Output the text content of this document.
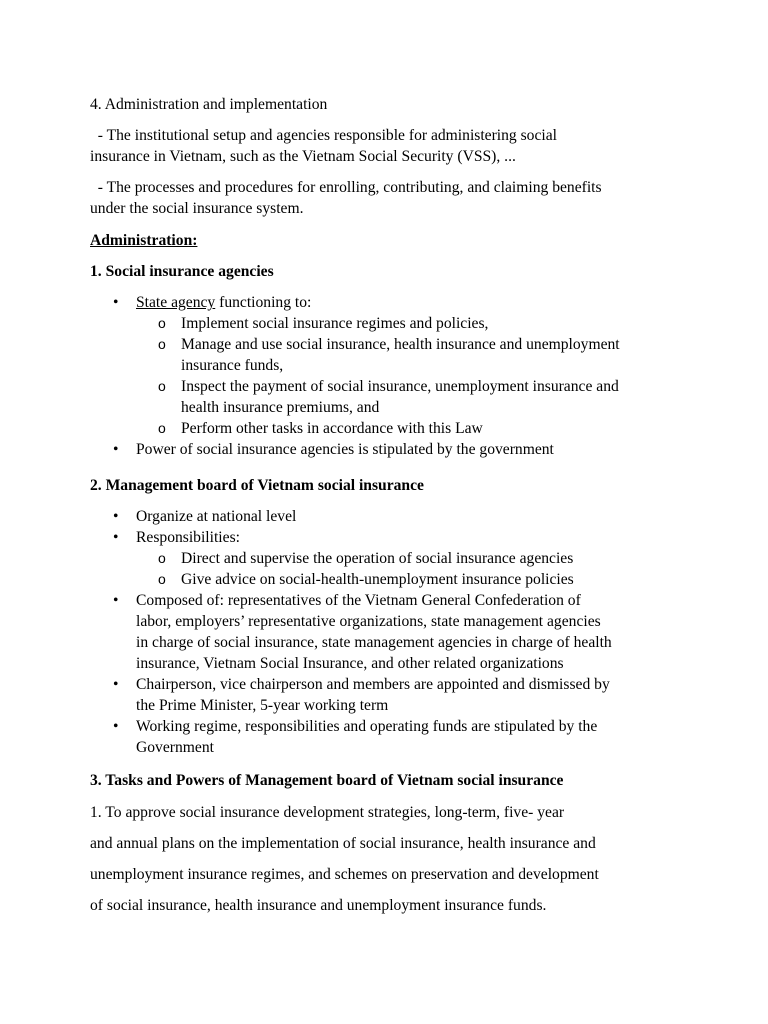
4. Administration and implementation

- The institutional setup and agencies responsible for administering social
insurance in Vietnam, such as the Vietnam Social Security (VSS), ...

- The processes and procedures for enrolling, contributing, and claiming benefits
under the social insurance system.

Administration:

1. Social insurance agencies

• State agency functioning to:
o Implement social insurance regimes and policies,
o Manage and use social insurance, health insurance and unemployment
insurance funds,
o Inspect the payment of social insurance, unemployment insurance and
health insurance premiums, and
o Perform other tasks in accordance with this Law
• Power of social insurance agencies is stipulated by the government

2. Management board of Vietnam social insurance

• Organize at national level
• Responsibilities:
o Direct and supervise the operation of social insurance agencies
o Give advice on social-health-unemployment insurance policies
• Composed of: representatives of the Vietnam General Confederation of
labor, employers’ representative organizations, state management agencies
in charge of social insurance, state management agencies in charge of health
insurance, Vietnam Social Insurance, and other related organizations
• Chairperson, vice chairperson and members are appointed and dismissed by
the Prime Minister, 5-year working term
• Working regime, responsibilities and operating funds are stipulated by the
Government

3. Tasks and Powers of Management board of Vietnam social insurance

1. To approve social insurance development strategies, long-term, five- year
and annual plans on the implementation of social insurance, health insurance and
unemployment insurance regimes, and schemes on preservation and development
of social insurance, health insurance and unemployment insurance funds.
